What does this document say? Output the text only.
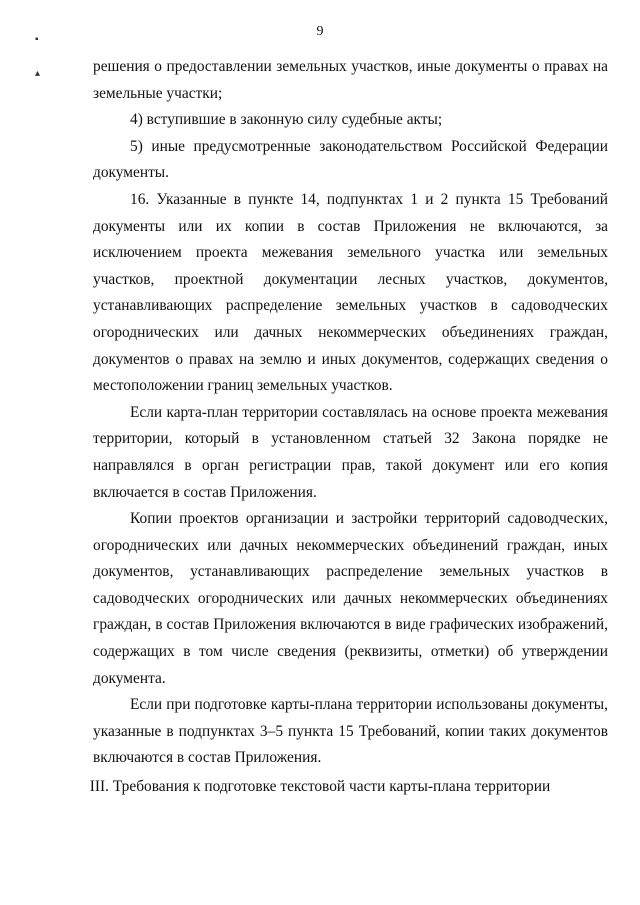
9
▪
▴	решения о предоставлении земельных участков, иные документы о правах на земельные участки;

4) вступившие в законную силу судебные акты;

5) иные предусмотренные законодательством Российской Федерации документы.

16. Указанные в пункте 14, подпунктах 1 и 2 пункта 15 Требований документы или их копии в состав Приложения не включаются, за исключением проекта межевания земельного участка или земельных участков, проектной документации лесных участков, документов, устанавливающих распределение земельных участков в садоводческих огороднических или дачных некоммерческих объединениях граждан, документов о правах на землю и иных документов, содержащих сведения о местоположении границ земельных участков.

Если карта-план территории составлялась на основе проекта межевания территории, который в установленном статьей 32 Закона порядке не направлялся в орган регистрации прав, такой документ или его копия включается в состав Приложения.

Копии проектов организации и застройки территорий садоводческих, огороднических или дачных некоммерческих объединений граждан, иных документов, устанавливающих распределение земельных участков в садоводческих огороднических или дачных некоммерческих объединениях граждан, в состав Приложения включаются в виде графических изображений, содержащих в том числе сведения (реквизиты, отметки) об утверждении документа.

Если при подготовке карты-плана территории использованы документы, указанные в подпунктах 3–5 пункта 15 Требований, копии таких документов включаются в состав Приложения.

III. Требования к подготовке текстовой части карты-плана территории
